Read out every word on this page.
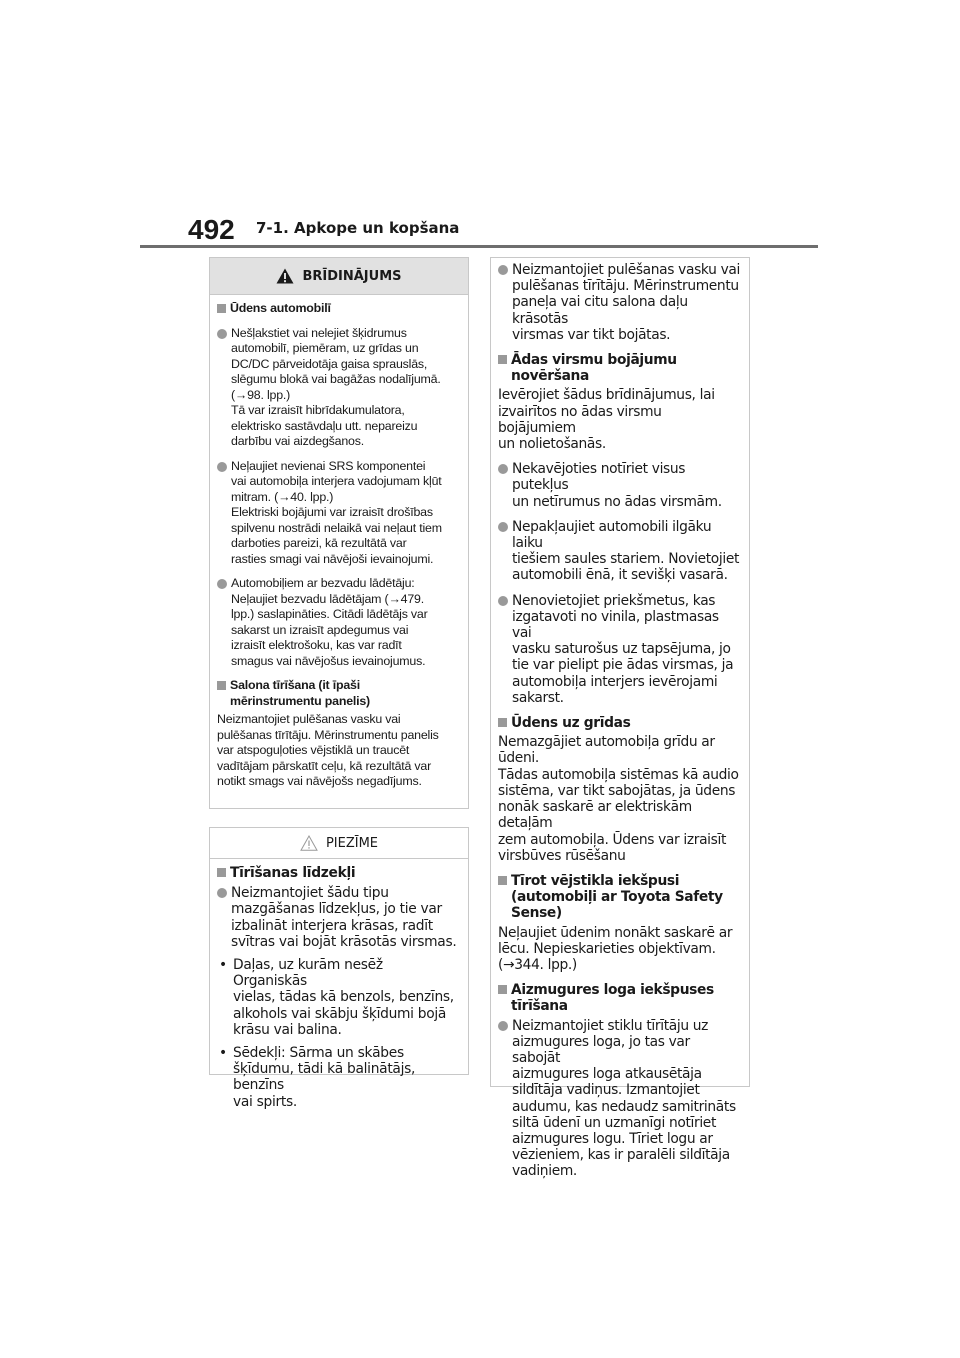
492 7-1. Apkope un kopšana
BRĪDINĀJUMS
Ūdens automobilī
Nešļakstiet vai nelejiet šķidrumus
automobilī, piemēram, uz grīdas un
DC/DC pārveidotāja gaisa sprauslās,
slēgumu blokā vai bagāžas nodalījumā.
(→98. lpp.)
Tā var izraisīt hibrīdakumulatora,
elektrisko sastāvdaļu utt. nepareizu
darbību vai aizdegšanos.
Neļaujiet nevienai SRS komponentei
vai automobiļa interjera vadojumam kļūt
mitram. (→40. lpp.)
Elektriski bojājumi var izraisīt drošības
spilvenu nostrādi nelaikā vai neļaut tiem
darboties pareizi, kā rezultātā var
rasties smagi vai nāvējoši ievainojumi.
Automobiļiem ar bezvadu lādētāju:
Neļaujiet bezvadu lādētājam (→479.
lpp.) saslapināties. Citādi lādētājs var
sakarst un izraisīt apdegumus vai
izraisīt elektrošoku, kas var radīt
smagus vai nāvējošus ievainojumus.
Salona tīrīšana (it īpaši
mērinstrumentu panelis)
Neizmantojiet pulēšanas vasku vai
pulēšanas tīrītāju. Mērinstrumentu panelis
var atspoguļoties vējstiklā un traucēt
vadītājam pārskatīt ceļu, kā rezultātā var
notikt smags vai nāvējošs negadījums.
PIEZĪME
Tīrīšanas līdzekļi
Neizmantojiet šādu tipu
mazgāšanas līdzekļus, jo tie var
izbalināt interjera krāsas, radīt
svītras vai bojāt krāsotās virsmas.
• Daļas, uz kurām nesēž Organiskās
vielas, tādas kā benzols, benzīns,
alkohols vai skābju šķīdumi bojā
krāsu vai balina.
• Sēdekļi: Sārma un skābes
šķīdumu, tādi kā balinātājs, benzīns
vai spirts.
Neizmantojiet pulēšanas vasku vai
pulēšanas tīrītāju. Mērinstrumentu
paneļa vai citu salona daļu krāsotās
virsmas var tikt bojātas.
Ādas virsmu bojājumu
novēršana
Ievērojiet šādus brīdinājumus, lai
izvairītos no ādas virsmu bojājumiem
un nolietošanās.
Nekavējoties notīriet visus putekļus
un netīrumus no ādas virsmām.
Nepakļaujiet automobili ilgāku laiku
tiešiem saules stariem. Novietojiet
automobili ēnā, it sevišķi vasarā.
Nenovietojiet priekšmetus, kas
izgatavoti no vinila, plastmasas vai
vasku saturošus uz tapsējuma, jo
tie var pielipt pie ādas virsmas, ja
automobiļa interjers ievērojami
sakarst.
Ūdens uz grīdas
Nemazgājiet automobiļa grīdu ar
ūdeni.
Tādas automobiļa sistēmas kā audio
sistēma, var tikt sabojātas, ja ūdens
nonāk saskarē ar elektriskām detaļām
zem automobiļa. Ūdens var izraisīt
virsbūves rūsēšanu
Tīrot vējstikla iekšpusi
(automobiļi ar Toyota Safety
Sense)
Neļaujiet ūdenim nonākt saskarē ar
lēcu. Nepieskarieties objektīvam.
(→344. lpp.)
Aizmugures loga iekšpuses
tīrīšana
Neizmantojiet stiklu tīrītāju uz
aizmugures loga, jo tas var sabojāt
aizmugures loga atkausētāja
sildītāja vadiņus. Izmantojiet
audumu, kas nedaudz samitrināts
siltā ūdenī un uzmanīgi notīriet
aizmugures logu. Tīriet logu ar
vēzieniem, kas ir paralēli sildītāja
vadiņiem.
